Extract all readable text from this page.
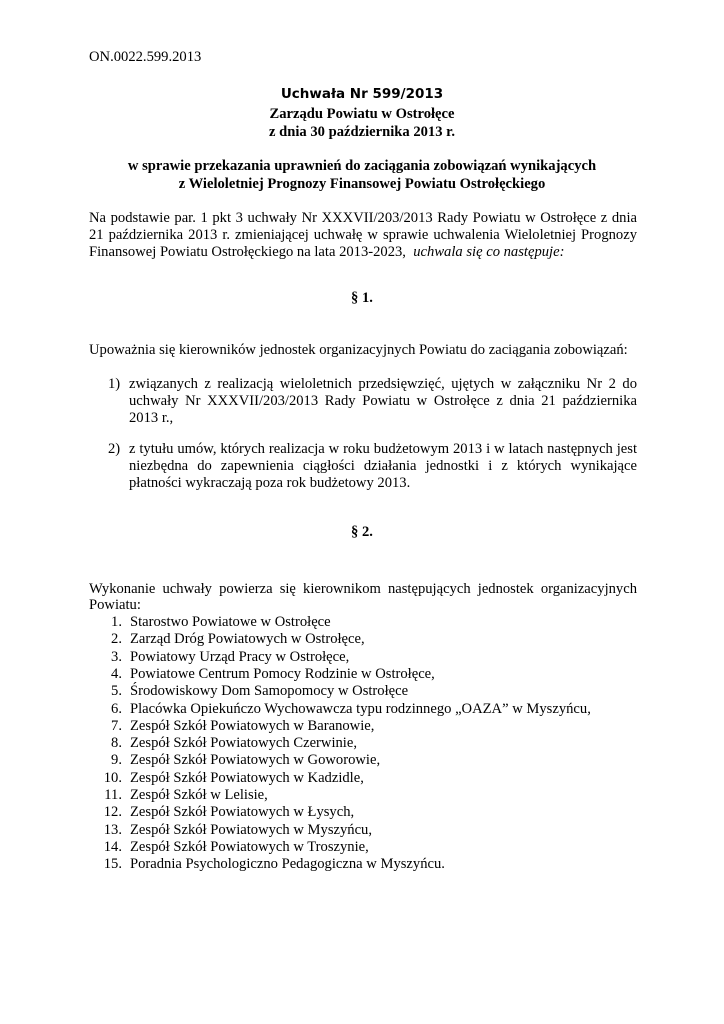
ON.0022.599.2013
Uchwała Nr 599/2013
Zarządu Powiatu w Ostrołęce
z dnia 30 października 2013 r.
w sprawie przekazania uprawnień do zaciągania zobowiązań wynikających
z Wieloletniej Prognozy Finansowej Powiatu Ostrołęckiego
Na podstawie par. 1 pkt 3 uchwały Nr XXXVII/203/2013 Rady Powiatu w Ostrołęce z dnia
21 października 2013 r. zmieniającej uchwałę w sprawie uchwalenia Wieloletniej Prognozy
Finansowej Powiatu Ostrołęckiego na lata 2013-2023, uchwala się co następuje:
§ 1.
Upoważnia się kierowników jednostek organizacyjnych Powiatu do zaciągania zobowiązań:
1) związanych z realizacją wieloletnich przedsięwzięć, ujętych w załączniku Nr 2 do
uchwały Nr XXXVII/203/2013 Rady Powiatu w Ostrołęce z dnia 21 października
2013 r.,
2) z tytułu umów, których realizacja w roku budżetowym 2013 i w latach następnych jest
niezbędna do zapewnienia ciągłości działania jednostki i z których wynikające
płatności wykraczają poza rok budżetowy 2013.
§ 2.
Wykonanie uchwały powierza się kierownikom następujących jednostek organizacyjnych
Powiatu:
1. Starostwo Powiatowe w Ostrołęce
2. Zarząd Dróg Powiatowych w Ostrołęce,
3. Powiatowy Urząd Pracy w Ostrołęce,
4. Powiatowe Centrum Pomocy Rodzinie w Ostrołęce,
5. Środowiskowy Dom Samopomocy w Ostrołęce
6. Placówka Opiekuńczo Wychowawcza typu rodzinnego „OAZA” w Myszyńcu,
7. Zespół Szkół Powiatowych w Baranowie,
8. Zespół Szkół Powiatowych Czerwinie,
9. Zespół Szkół Powiatowych w Goworowie,
10. Zespół Szkół Powiatowych w Kadzidle,
11. Zespół Szkół w Lelisie,
12. Zespół Szkół Powiatowych w Łysych,
13. Zespół Szkół Powiatowych w Myszyńcu,
14. Zespół Szkół Powiatowych w Troszynie,
15. Poradnia Psychologiczno Pedagogiczna w Myszyńcu.
